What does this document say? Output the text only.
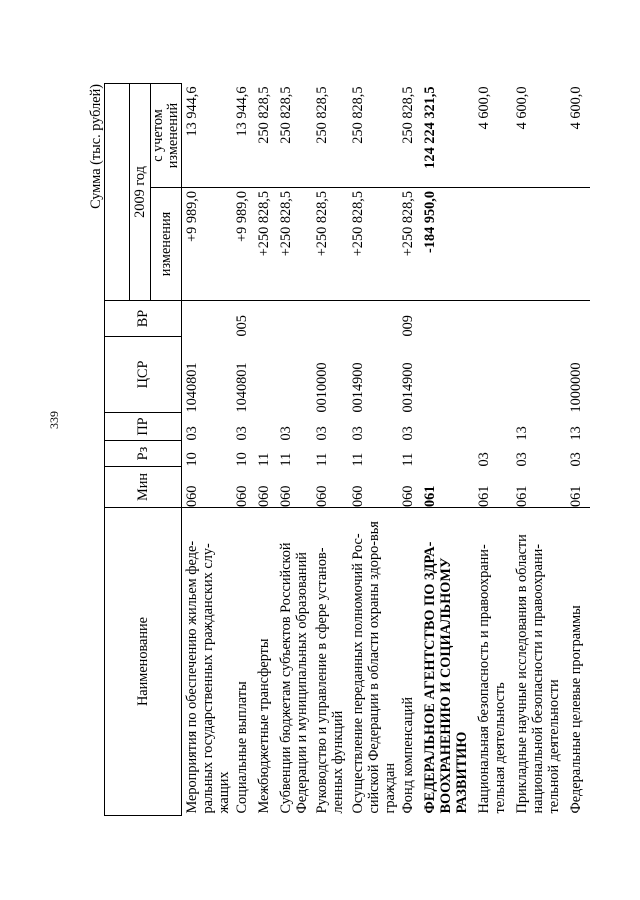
339
Сумма (тыс. рублей)
Наименование	Мин	Рз	ПР	ЦСР	ВР		
						2009 год	
						изменения	с учетом изменений
Мероприятия по обеспечению жильем феде-ральных государственных гражданских слу-жащих	060	10	03	1040801		+9 989,0	13 944,6
Социальные выплаты	060	10	03	1040801	005	+9 989,0	13 944,6
Межбюджетные трансферты	060	11				+250 828,5	250 828,5
Субвенции бюджетам субъектов Российской Федерации и муниципальных образований	060	11	03			+250 828,5	250 828,5
Руководство и управление в сфере установ-ленных функций	060	11	03	0010000		+250 828,5	250 828,5
Осуществление переданных полномочий Рос-сийской Федерации в области охраны здоро-вья граждан	060	11	03	0014900		+250 828,5	250 828,5
Фонд компенсаций	060	11	03	0014900	009	+250 828,5	250 828,5
ФЕДЕРАЛЬНОЕ АГЕНТСТВО ПО ЗДРА-ВООХРАНЕНИЮ И СОЦИАЛЬНОМУ РАЗВИТИЮ	061					-184 950,0	124 224 321,5
Национальная безопасность и правоохрани-тельная деятельность	061	03					4 600,0
Прикладные научные исследования в области национальной безопасности и правоохрани-тельной деятельности	061	03	13				4 600,0
Федеральные целевые программы	061	03	13	1000000			4 600,0
